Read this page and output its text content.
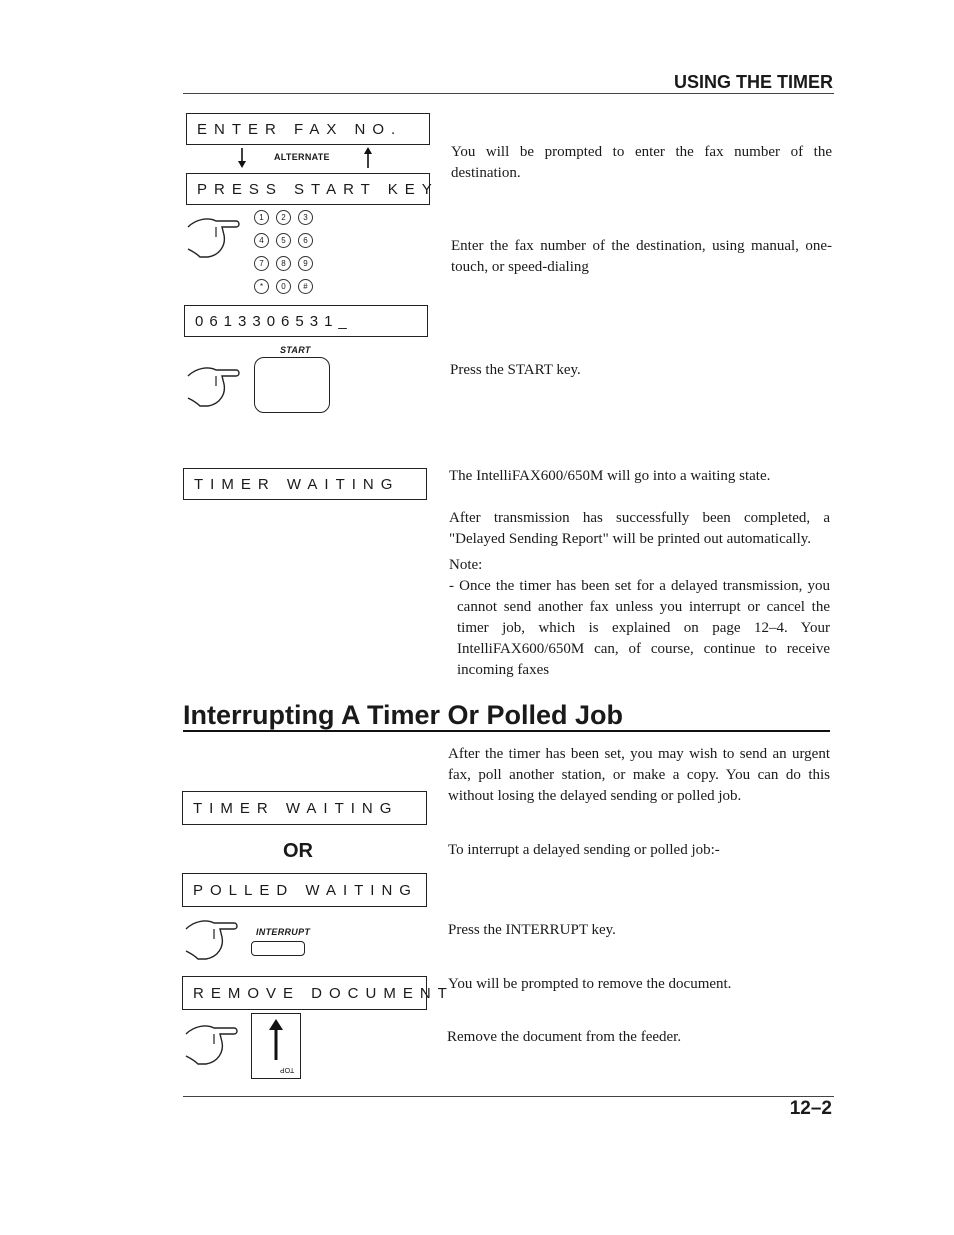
USING THE TIMER
ENTER FAX NO.
ALTERNATE
PRESS START KEY
1	2	3
4	5	6
7	8	9
*	0	#
0613306531_
START
You will be prompted to enter the fax number of the destination.
Enter the fax number of the destination, using manual, one-touch, or speed-dialing
Press the START key.
TIMER WAITING	The IntelliFAX600/650M will go into a waiting state.
After transmission has successfully been completed, a "Delayed Sending Report" will be printed out automatically.
Note:
- Once the timer has been set for a delayed transmission, you cannot send another fax unless you interrupt or cancel the timer job, which is explained on page 12–4. Your IntelliFAX600/650M can, of course, continue to receive incoming faxes
Interrupting A Timer Or Polled Job
After the timer has been set, you may wish to send an urgent fax, poll another station, or make a copy. You can do this without losing the delayed sending or polled job.
TIMER WAITING
OR	To interrupt a delayed sending or polled job:-
POLLED WAITING
INTERRUPT	Press the INTERRUPT key.
REMOVE DOCUMENT
You will be prompted to remove the document.
TOP
Remove the document from the feeder.
12–2
